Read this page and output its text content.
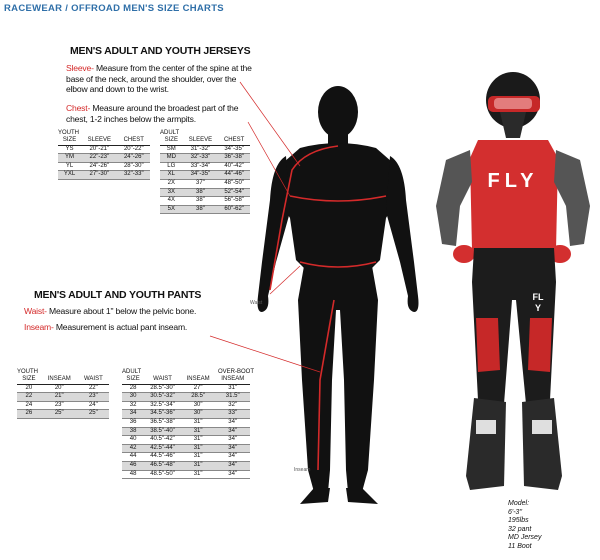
RACEWEAR / OFFROAD MEN'S SIZE CHARTS
MEN'S ADULT AND YOUTH JERSEYS
Sleeve- Measure from the center of the spine at the base of the neck, around the shoulder, over the elbow and down to the wrist.
Chest- Measure around the broadest part of the chest, 1-2 inches below the armpits.
YOUTH
SIZE	SLEEVE	CHEST
YS	20"-21"	20"-22"
YM	22"-23"	24"-26"
YL	24"-26"	28"-30"
YXL	27"-30"	32"-33"
ADULT
SIZE	SLEEVE	CHEST
SM	31"-32"	34"-35"
MD	32"-33"	36"-38"
LG	33"-34"	40"-42"
XL	34"-35"	44"-46"
2X	37"	48"-50"
3X	38"	52"-54"
4X	38"	56"-58"
5X	38"	60"-62"
MEN'S ADULT AND YOUTH PANTS
Waist- Measure about 1" below the pelvic bone.
Inseam- Measurement is actual pant inseam.
YOUTH
SIZE	INSEAM	WAIST
20	20"	22"
22	21"	23"
24	23"	24"
26	25"	25"
ADULT	OVER-BOOT
SIZE	WAIST	INSEAM	INSEAM
28	28.5"-30"	27"	31"
30	30.5"-32"	28.5"	31.5"
32	32.5"-34"	30"	32"
34	34.5"-36"	30"	33"
36	36.5"-38"	31"	34"
38	38.5"-40"	31"	34"
40	40.5"-42"	31"	34"
42	42.5"-44"	31"	34"
44	44.5"-46"	31"	34"
46	46.5"-48"	31"	34"
48	48.5"-50"	31"	34"
Waist
Inseam
FLY
FLY
Model:
6'-3"
195lbs
32 pant
MD Jersey
11 Boot
